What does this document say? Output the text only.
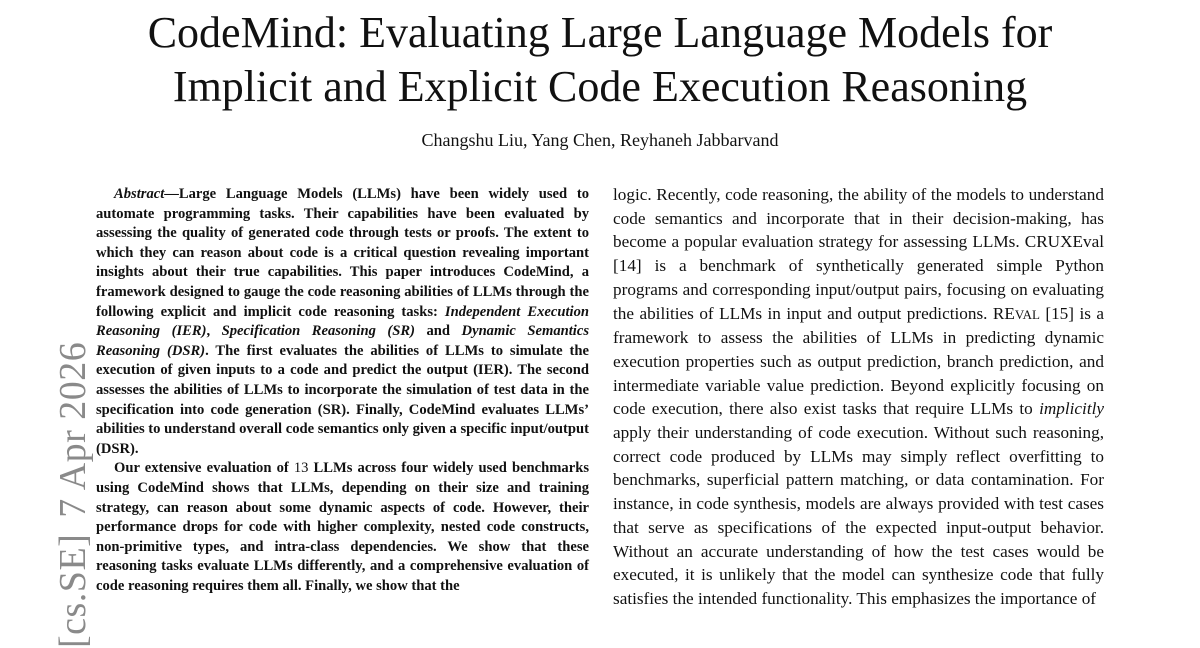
CodeMind: Evaluating Large Language Models for
Implicit and Explicit Code Execution Reasoning
Changshu Liu, Yang Chen, Reyhaneh Jabbarvand
[cs.SE]7 Apr 2026

Abstract—Large Language Models (LLMs) have been widely used to automate programming tasks. Their capabilities have been evaluated by assessing the quality of generated code through tests or proofs. The extent to which they can reason about code is a critical question revealing important insights about their true capabilities. This paper introduces CodeMind, a framework designed to gauge the code reasoning abilities of LLMs through the following explicit and implicit code reasoning tasks: Independent Execution Reasoning (IER), Specification Reasoning (SR) and Dynamic Semantics Reasoning (DSR). The first evaluates the abilities of LLMs to simulate the execution of given inputs to a code and predict the output (IER). The second assesses the abilities of LLMs to incorporate the simulation of test data in the specification into code generation (SR). Finally, CodeMind evaluates LLMs’ abilities to understand overall code semantics only given a specific input/output (DSR).

Our extensive evaluation of 13 LLMs across four widely used benchmarks using CodeMind shows that LLMs, depending on their size and training strategy, can reason about some dynamic aspects of code. However, their performance drops for code with higher complexity, nested code constructs, non-primitive types, and intra-class dependencies. We show that these reasoning tasks evaluate LLMs differently, and a comprehensive evaluation of code reasoning requires them all. Finally, we show that the

logic. Recently, code reasoning, the ability of the models to understand code semantics and incorporate that in their decision-making, has become a popular evaluation strategy for assessing LLMs. CRUXEval [14] is a benchmark of synthetically generated simple Python programs and corresponding input/output pairs, focusing on evaluating the abilities of LLMs in input and output predictions. REVAL [15] is a framework to assess the abilities of LLMs in predicting dynamic execution properties such as output prediction, branch prediction, and intermediate variable value prediction. Beyond explicitly focusing on code execution, there also exist tasks that require LLMs to implicitly apply their understanding of code execution. Without such reasoning, correct code produced by LLMs may simply reflect overfitting to benchmarks, superficial pattern matching, or data contamination. For instance, in code synthesis, models are always provided with test cases that serve as specifications of the expected input-output behavior. Without an accurate understanding of how the test cases would be executed, it is unlikely that the model can synthesize code that fully satisfies the intended functionality. This emphasizes the importance of
